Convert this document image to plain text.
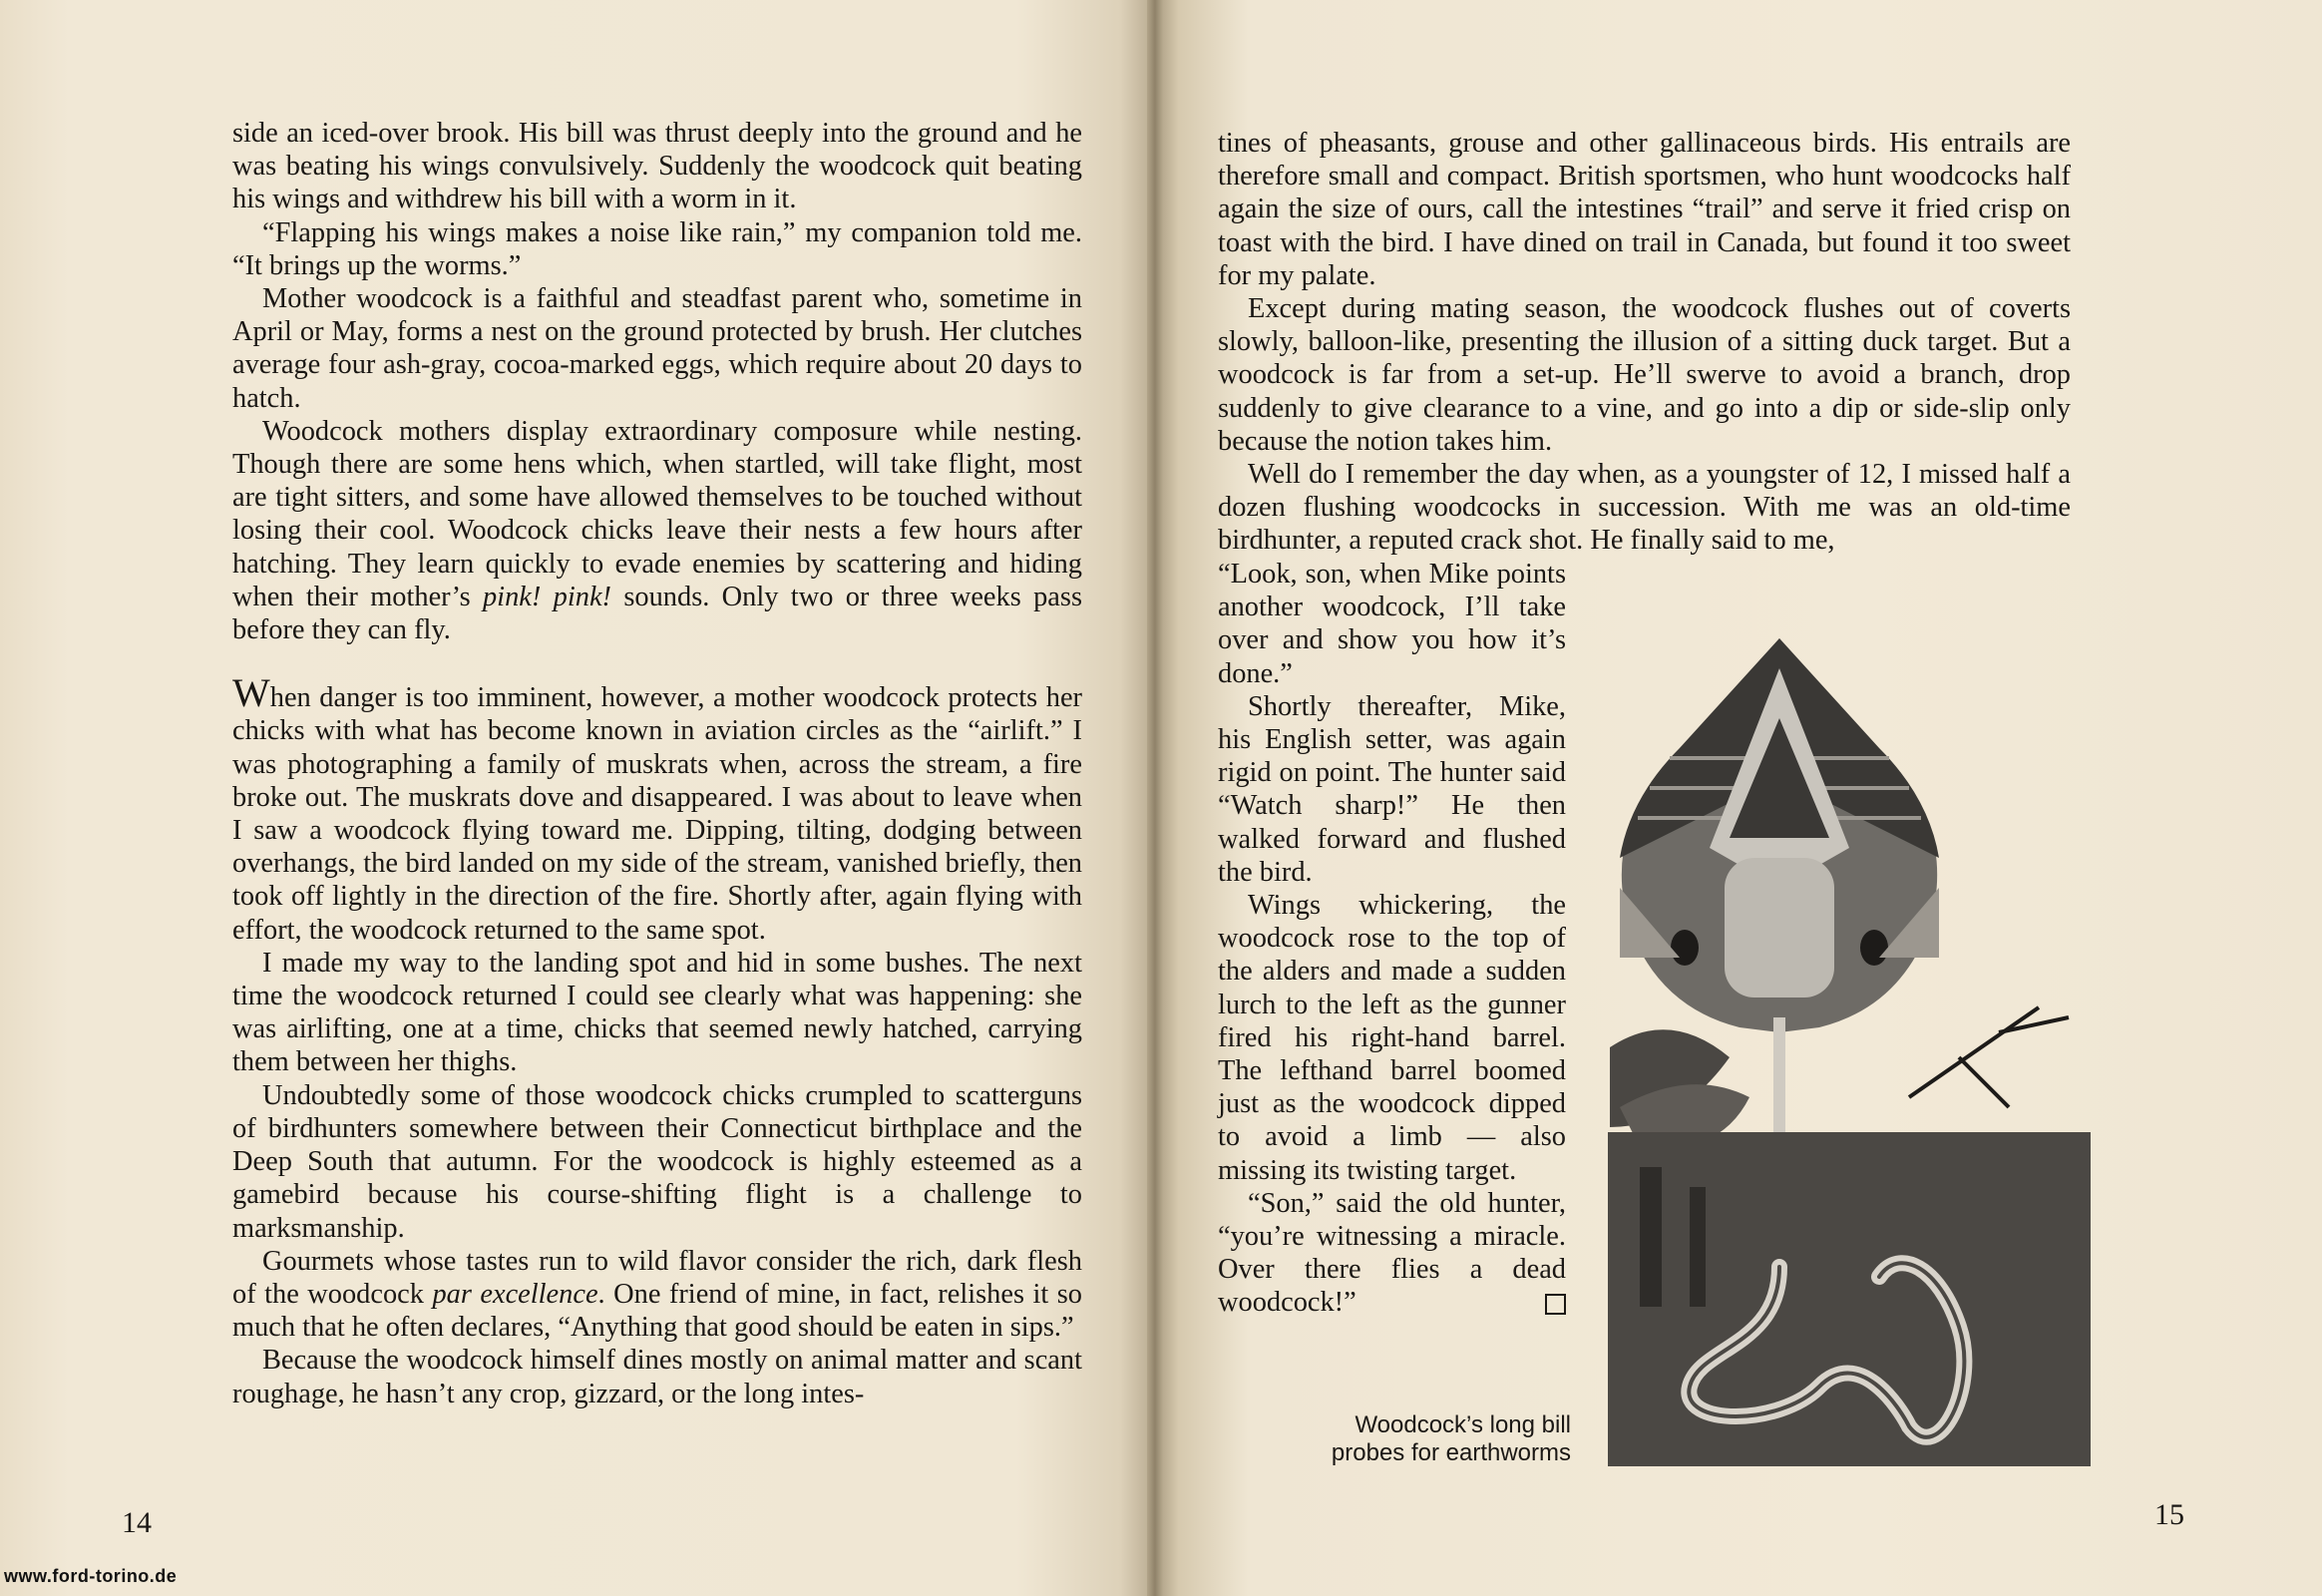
side an iced-over brook. His bill was thrust deeply into the ground and he was beating his wings convulsively. Suddenly the woodcock quit beating his wings and withdrew his bill with a worm in it.

“Flapping his wings makes a noise like rain,” my companion told me. “It brings up the worms.”

Mother woodcock is a faithful and steadfast parent who, sometime in April or May, forms a nest on the ground protected by brush. Her clutches average four ash-gray, cocoa-marked eggs, which require about 20 days to hatch.

Woodcock mothers display extraordinary composure while nesting. Though there are some hens which, when startled, will take flight, most are tight sitters, and some have allowed themselves to be touched without losing their cool. Woodcock chicks leave their nests a few hours after hatching. They learn quickly to evade enemies by scattering and hiding when their mother’s pink! pink! sounds. Only two or three weeks pass before they can fly.

When danger is too imminent, however, a mother woodcock protects her chicks with what has become known in aviation circles as the “airlift.” I was photographing a family of muskrats when, across the stream, a fire broke out. The muskrats dove and disappeared. I was about to leave when I saw a woodcock flying toward me. Dipping, tilting, dodging between overhangs, the bird landed on my side of the stream, vanished briefly, then took off lightly in the direction of the fire. Shortly after, again flying with effort, the woodcock returned to the same spot.

I made my way to the landing spot and hid in some bushes. The next time the woodcock returned I could see clearly what was happening: she was airlifting, one at a time, chicks that seemed newly hatched, carrying them between her thighs.

Undoubtedly some of those woodcock chicks crumpled to scatterguns of birdhunters somewhere between their Connecticut birthplace and the Deep South that autumn. For the woodcock is highly esteemed as a gamebird because his course-shifting flight is a challenge to marksmanship.

Gourmets whose tastes run to wild flavor consider the rich, dark flesh of the woodcock par excellence. One friend of mine, in fact, relishes it so much that he often declares, “Anything that good should be eaten in sips.”

Because the woodcock himself dines mostly on animal matter and scant roughage, he hasn’t any crop, gizzard, or the long intes-

tines of pheasants, grouse and other gallinaceous birds. His entrails are therefore small and compact. British sportsmen, who hunt woodcocks half again the size of ours, call the intestines “trail” and serve it fried crisp on toast with the bird. I have dined on trail in Canada, but found it too sweet for my palate.

Except during mating season, the woodcock flushes out of coverts slowly, balloon-like, presenting the illusion of a sitting duck target. But a woodcock is far from a set-up. He’ll swerve to avoid a branch, drop suddenly to give clearance to a vine, and go into a dip or side-slip only because the notion takes him.

Well do I remember the day when, as a youngster of 12, I missed half a dozen flushing woodcocks in succession. With me was an old-time birdhunter, a reputed crack shot. He finally said to me,

“Look, son, when Mike points another woodcock, I’ll take over and show you how it’s done.”

Shortly thereafter, Mike, his English setter, was again rigid on point. The hunter said “Watch sharp!” He then walked forward and flushed the bird.

Wings whickering, the woodcock rose to the top of the alders and made a sudden lurch to the left as the gunner fired his right-hand barrel. The lefthand barrel boomed just as the woodcock dipped to avoid a limb — also missing its twisting target.

“Son,” said the old hunter, “you’re witnessing a miracle. Over there flies a dead woodcock!”

Woodcock’s long bill probes for earthworms
14	15
www.ford-torino.de
